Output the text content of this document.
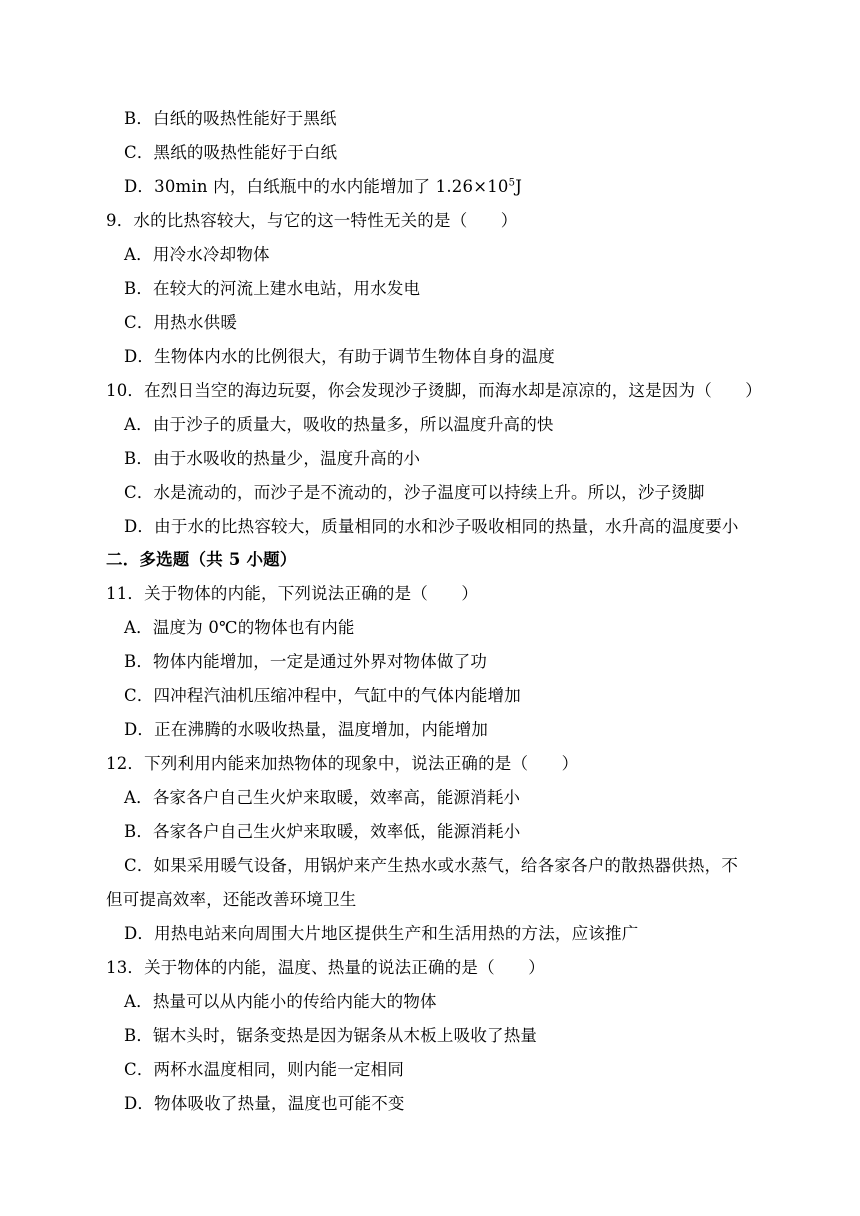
B．白纸的吸热性能好于黑纸
C．黑纸的吸热性能好于白纸
D．30min 内，白纸瓶中的水内能增加了 $1.26\times 10^5J$
9．水的比热容较大，与它的这一特性无关的是（　　）
A．用冷水冷却物体
B．在较大的河流上建水电站，用水发电
C．用热水供暖
D．生物体内水的比例很大，有助于调节生物体自身的温度
10．在烈日当空的海边玩耍，你会发现沙子烫脚，而海水却是凉凉的，这是因为（　　）
A．由于沙子的质量大，吸收的热量多，所以温度升高的快
B．由于水吸收的热量少，温度升高的小
C．水是流动的，而沙子是不流动的，沙子温度可以持续上升。所以，沙子烫脚
D．由于水的比热容较大，质量相同的水和沙子吸收相同的热量，水升高的温度要小
二．多选题（共 5 小题）
11．关于物体的内能，下列说法正确的是（　　）
A．温度为 0℃的物体也有内能
B．物体内能增加，一定是通过外界对物体做了功
C．四冲程汽油机压缩冲程中，气缸中的气体内能增加
D．正在沸腾的水吸收热量，温度增加，内能增加
12．下列利用内能来加热物体的现象中，说法正确的是（　　）
A．各家各户自己生火炉来取暖，效率高，能源消耗小
B．各家各户自己生火炉来取暖，效率低，能源消耗小
C．如果采用暖气设备，用锅炉来产生热水或水蒸气，给各家各户的散热器供热，不
但可提高效率，还能改善环境卫生
D．用热电站来向周围大片地区提供生产和生活用热的方法，应该推广
13．关于物体的内能，温度、热量的说法正确的是（　　）
A．热量可以从内能小的传给内能大的物体
B．锯木头时，锯条变热是因为锯条从木板上吸收了热量
C．两杯水温度相同，则内能一定相同
D．物体吸收了热量，温度也可能不变
